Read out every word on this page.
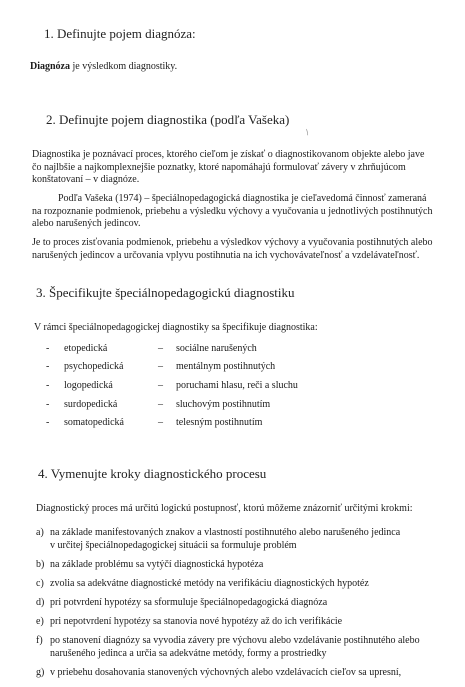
1. Definujte pojem diagnóza:
Diagnóza je výsledkom diagnostiky.
2. Definujte pojem diagnostika (podľa Vašeka)
/
Diagnostika je poznávací proces, ktorého cieľom je získať o diagnostikovanom objekte alebo jave
čo najlbšie a najkomplexnejšie poznatky, ktoré napomáhajú formulovať závery v zhrňujúcom
konštatovaní – v diagnóze.
Podľa Vašeka (1974) – špeciálnopedagogická diagnostika je cieľavedomá činnosť zameraná
na rozpoznanie podmienok, priebehu a výsledku výchovy a vyučovania u jednotlivých postihnutých
alebo narušených jedincov.
Je to proces zisťovania podmienok, priebehu a výsledkov výchovy a vyučovania postihnutých alebo
narušených jedincov a určovania vplyvu postihnutia na ich vychovávateľnosť a vzdelávateľnosť.
3. Špecifikujte špeciálnopedagogickú diagnostiku
V rámci špeciálnopedagogickej diagnostiky sa špecifikuje diagnostika:
- etopedická	– sociálne narušených
- psychopedická	– mentálnym postihnutých
- logopedická	– poruchami hlasu, reči a sluchu
- surdopedická	– sluchovým postihnutím
- somatopedická	– telesným postihnutím
4. Vymenujte kroky diagnostického procesu
Diagnostický proces má určitú logickú postupnosť, ktorú môžeme znázorniť určitými krokmi:
a) na základe manifestovaných znakov a vlastností postihnutého alebo narušeného jedinca
v určitej špeciálnopedagogickej situácii sa formuluje problém
b) na základe problému sa vytýčí diagnostická hypotéza
c) zvolia sa adekvátne diagnostické metódy na verifikáciu diagnostických hypotéz
d) pri potvrdení hypotézy sa sformuluje špeciálnopedagogická diagnóza
e) pri nepotvrdení hypotézy sa stanovia nové hypotézy až do ich verifikácie
f) po stanovení diagnózy sa vyvodia závery pre výchovu alebo vzdelávanie postihnutého alebo
narušeného jedinca a určia sa adekvátne metódy, formy a prostriedky
g) v priebehu dosahovania stanovených výchovných alebo vzdelávacích cieľov sa upresní,
